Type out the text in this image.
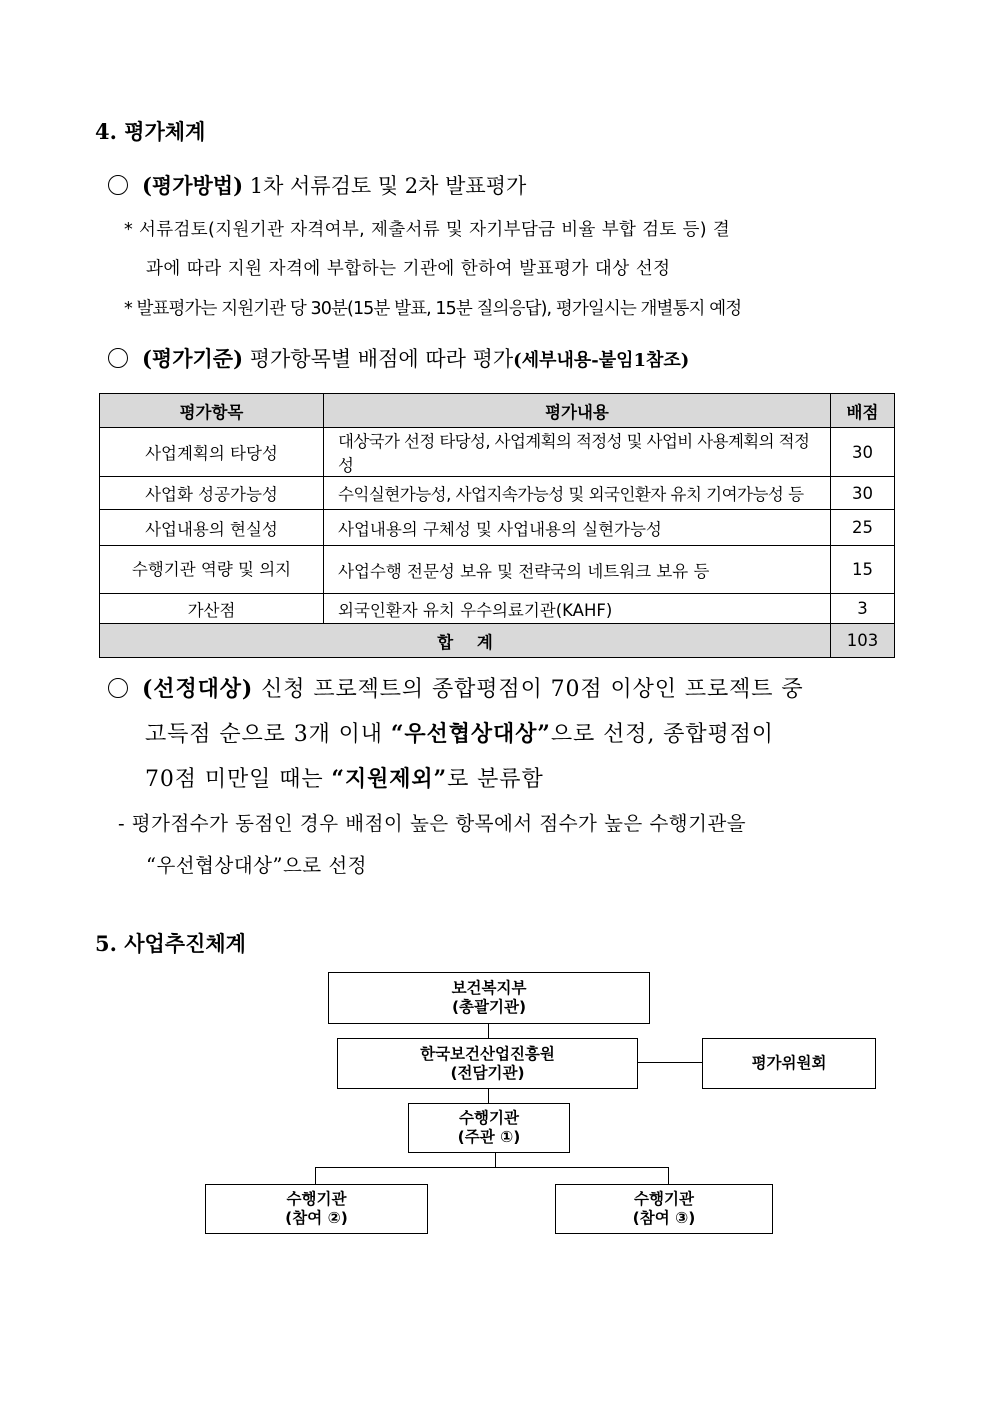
4. 평가체계
(평가방법) 1차 서류검토 및 2차 발표평가
* 서류검토(지원기관 자격여부, 제출서류 및 자기부담금 비율 부합 검토 등) 결
과에 따라 지원 자격에 부합하는 기관에 한하여 발표평가 대상 선정
* 발표평가는 지원기관 당 30분(15분 발표, 15분 질의응답), 평가일시는 개별통지 예정
(평가기준) 평가항목별 배점에 따라 평가(세부내용-붙임1참조)
평가항목	평가내용	배점
사업계획의 타당성	대상국가 선정 타당성, 사업계획의 적정성 및 사업비 사용계획의 적정성	30
사업화 성공가능성	수익실현가능성, 사업지속가능성 및 외국인환자 유치 기여가능성 등	30
사업내용의 현실성	사업내용의 구체성 및 사업내용의 실현가능성	25
수행기관 역량 및 의지	사업수행 전문성 보유 및 전략국의 네트워크 보유 등	15
가산점	외국인환자 유치 우수의료기관(KAHF)	3
합 계		103
(선정대상) 신청 프로젝트의 종합평점이 70점 이상인 프로젝트 중
고득점 순으로 3개 이내 “우선협상대상”으로 선정, 종합평점이
70점 미만일 때는 “지원제외”로 분류함
- 평가점수가 동점인 경우 배점이 높은 항목에서 점수가 높은 수행기관을
“우선협상대상”으로 선정
5. 사업추진체계
보건복지부
(총괄기관)
한국보건산업진흥원
(전담기관)
평가위원회
수행기관
(주관 ①)
수행기관
(참여 ②)
수행기관
(참여 ③)
